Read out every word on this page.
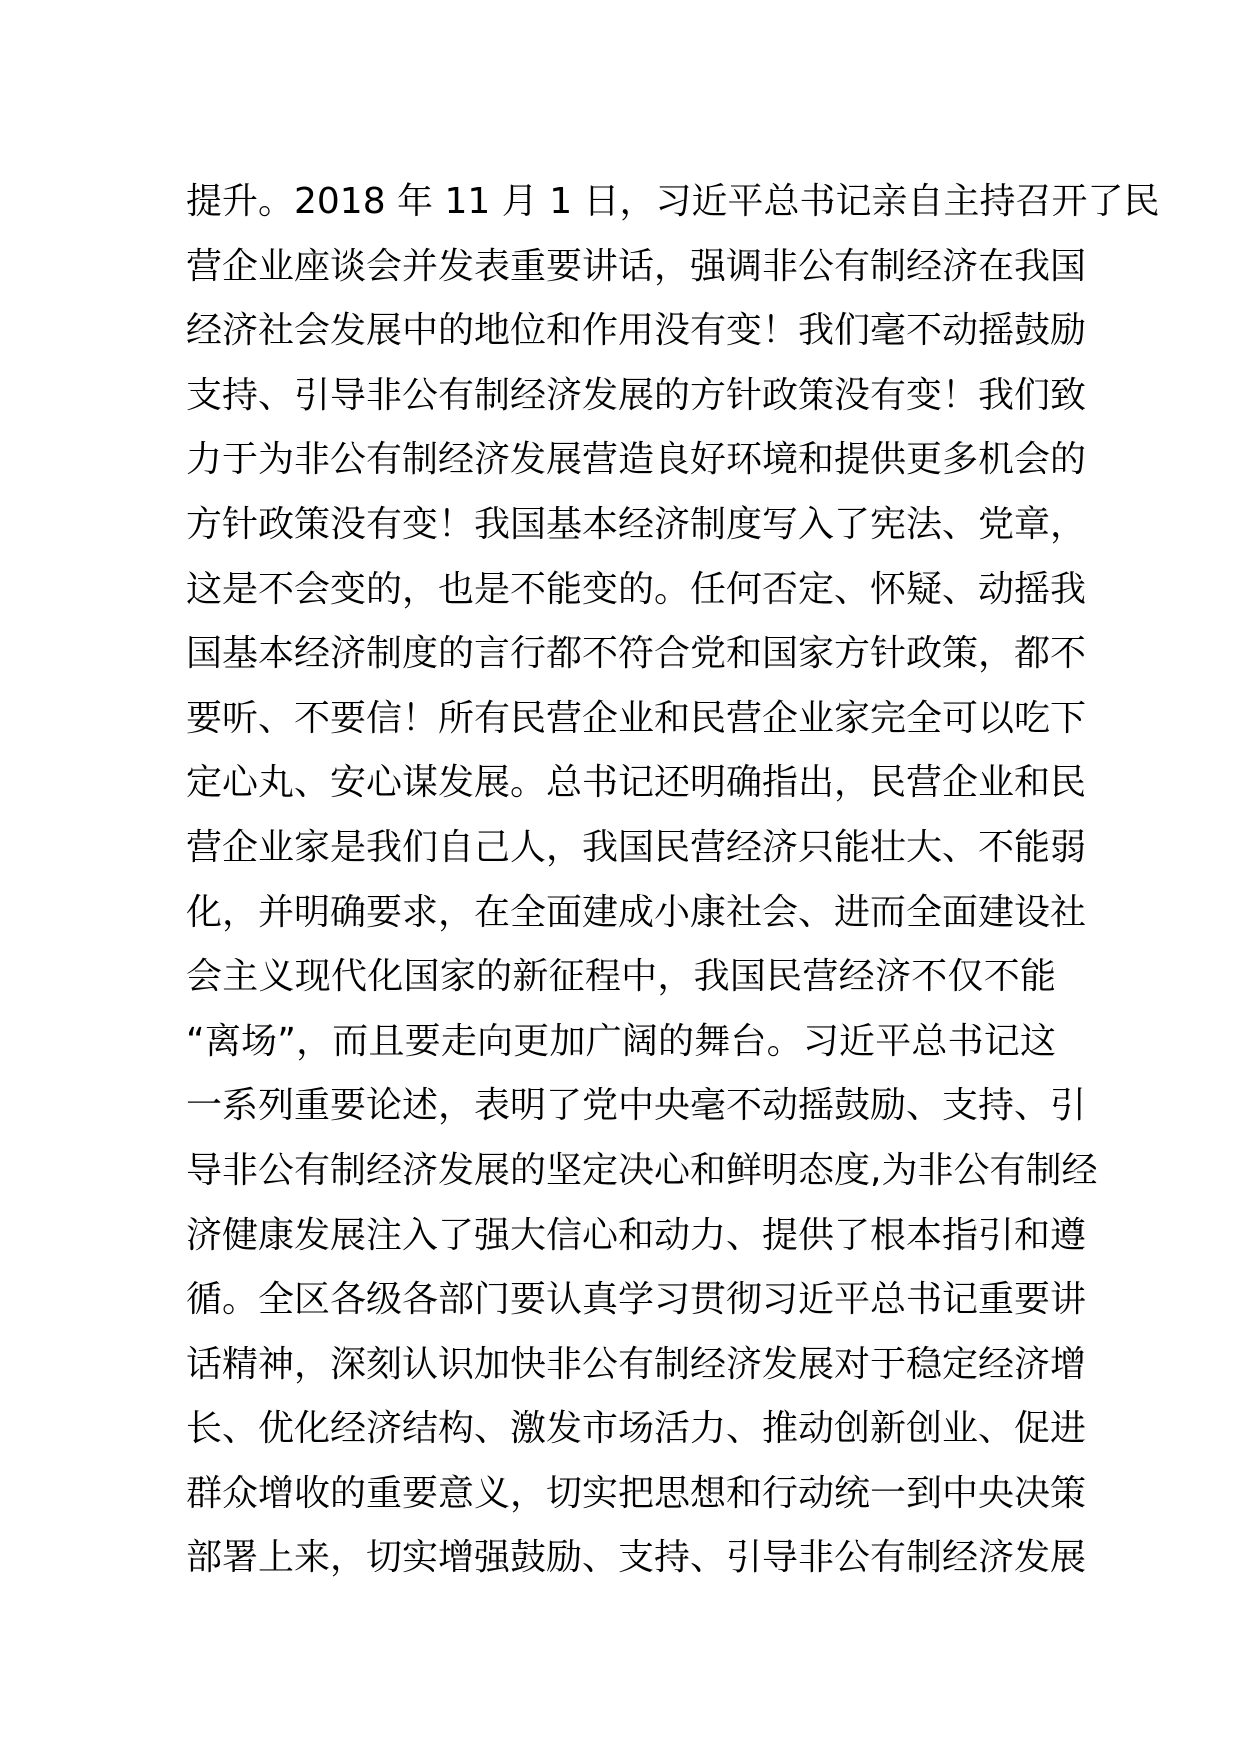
提升。2018 年 11 月 1 日，习近平总书记亲自主持召开了民
营企业座谈会并发表重要讲话，强调非公有制经济在我国
经济社会发展中的地位和作用没有变！我们毫不动摇鼓励
支持、引导非公有制经济发展的方针政策没有变！我们致
力于为非公有制经济发展营造良好环境和提供更多机会的
方针政策没有变！我国基本经济制度写入了宪法、党章，
这是不会变的，也是不能变的。任何否定、怀疑、动摇我
国基本经济制度的言行都不符合党和国家方针政策，都不
要听、不要信！所有民营企业和民营企业家完全可以吃下
定心丸、安心谋发展。总书记还明确指出，民营企业和民
营企业家是我们自己人，我国民营经济只能壮大、不能弱
化，并明确要求，在全面建成小康社会、进而全面建设社
会主义现代化国家的新征程中，我国民营经济不仅不能
“离场”，而且要走向更加广阔的舞台。习近平总书记这
一系列重要论述，表明了党中央毫不动摇鼓励、支持、引
导非公有制经济发展的坚定决心和鲜明态度,为非公有制经
济健康发展注入了强大信心和动力、提供了根本指引和遵
循。全区各级各部门要认真学习贯彻习近平总书记重要讲
话精神，深刻认识加快非公有制经济发展对于稳定经济增
长、优化经济结构、激发市场活力、推动创新创业、促进
群众增收的重要意义，切实把思想和行动统一到中央决策
部署上来，切实增强鼓励、支持、引导非公有制经济发展
